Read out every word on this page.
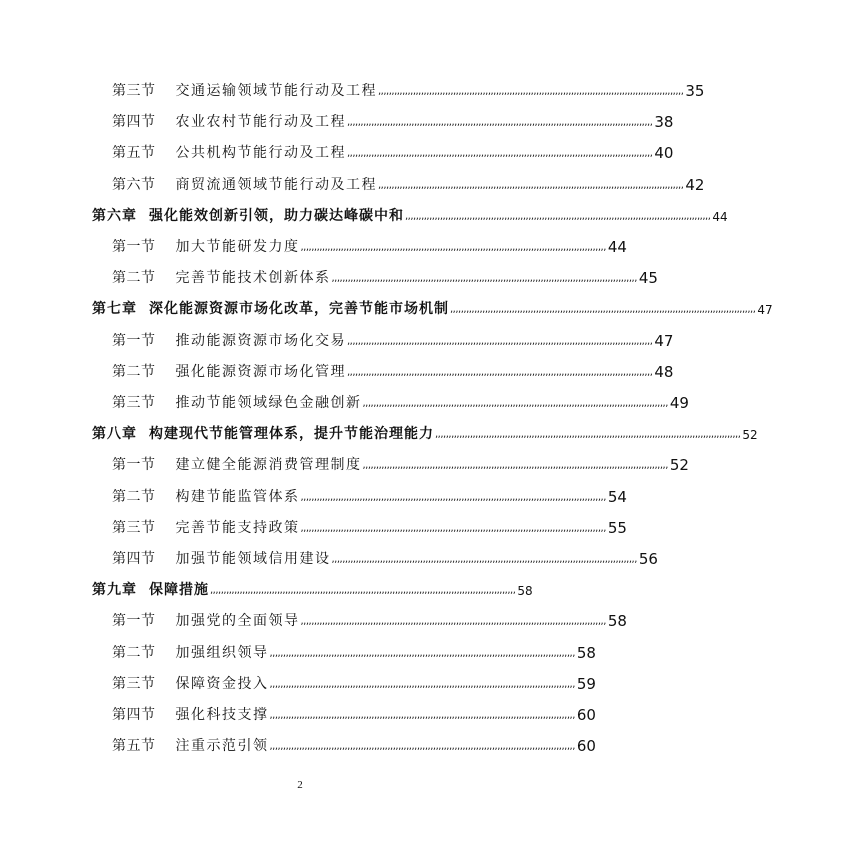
第三节 交通运输领域节能行动及工程 ,,,,,,,,,,,,,,,,,,,,,,,,,,,,,,,,,,,,,,,,,,,,,,,,,,,,,,,,,,,,,,,,,,,,,,,,,,,,,,,,,,,,,,,,,,,,,,,,,,,,,,,,,,,,,,,,,, 35
第四节 农业农村节能行动及工程 ,,,,,,,,,,,,,,,,,,,,,,,,,,,,,,,,,,,,,,,,,,,,,,,,,,,,,,,,,,,,,,,,,,,,,,,,,,,,,,,,,,,,,,,,,,,,,,,,,,,,,,,,,,,,,,,,,, 38
第五节 公共机构节能行动及工程 ,,,,,,,,,,,,,,,,,,,,,,,,,,,,,,,,,,,,,,,,,,,,,,,,,,,,,,,,,,,,,,,,,,,,,,,,,,,,,,,,,,,,,,,,,,,,,,,,,,,,,,,,,,,,,,,,,, 40
第六节 商贸流通领域节能行动及工程 ,,,,,,,,,,,,,,,,,,,,,,,,,,,,,,,,,,,,,,,,,,,,,,,,,,,,,,,,,,,,,,,,,,,,,,,,,,,,,,,,,,,,,,,,,,,,,,,,,,,,,,,,,,,,,,,,,, 42
第六章 强化能效创新引领，助力碳达峰碳中和 ,,,,,,,,,,,,,,,,,,,,,,,,,,,,,,,,,,,,,,,,,,,,,,,,,,,,,,,,,,,,,,,,,,,,,,,,,,,,,,,,,,,,,,,,,,,,,,,,,,,,,,,,,,,,,,,,,, 44
第一节 加大节能研发力度 ,,,,,,,,,,,,,,,,,,,,,,,,,,,,,,,,,,,,,,,,,,,,,,,,,,,,,,,,,,,,,,,,,,,,,,,,,,,,,,,,,,,,,,,,,,,,,,,,,,,,,,,,,,,,,,,,,, 44
第二节 完善节能技术创新体系 ,,,,,,,,,,,,,,,,,,,,,,,,,,,,,,,,,,,,,,,,,,,,,,,,,,,,,,,,,,,,,,,,,,,,,,,,,,,,,,,,,,,,,,,,,,,,,,,,,,,,,,,,,,,,,,,,,, 45
第七章 深化能源资源市场化改革，完善节能市场机制 ,,,,,,,,,,,,,,,,,,,,,,,,,,,,,,,,,,,,,,,,,,,,,,,,,,,,,,,,,,,,,,,,,,,,,,,,,,,,,,,,,,,,,,,,,,,,,,,,,,,,,,,,,,,,,,,,,, 47
第一节 推动能源资源市场化交易 ,,,,,,,,,,,,,,,,,,,,,,,,,,,,,,,,,,,,,,,,,,,,,,,,,,,,,,,,,,,,,,,,,,,,,,,,,,,,,,,,,,,,,,,,,,,,,,,,,,,,,,,,,,,,,,,,,, 47
第二节 强化能源资源市场化管理 ,,,,,,,,,,,,,,,,,,,,,,,,,,,,,,,,,,,,,,,,,,,,,,,,,,,,,,,,,,,,,,,,,,,,,,,,,,,,,,,,,,,,,,,,,,,,,,,,,,,,,,,,,,,,,,,,,, 48
第三节 推动节能领域绿色金融创新 ,,,,,,,,,,,,,,,,,,,,,,,,,,,,,,,,,,,,,,,,,,,,,,,,,,,,,,,,,,,,,,,,,,,,,,,,,,,,,,,,,,,,,,,,,,,,,,,,,,,,,,,,,,,,,,,,,, 49
第八章 构建现代节能管理体系，提升节能治理能力 ,,,,,,,,,,,,,,,,,,,,,,,,,,,,,,,,,,,,,,,,,,,,,,,,,,,,,,,,,,,,,,,,,,,,,,,,,,,,,,,,,,,,,,,,,,,,,,,,,,,,,,,,,,,,,,,,,, 52
第一节 建立健全能源消费管理制度 ,,,,,,,,,,,,,,,,,,,,,,,,,,,,,,,,,,,,,,,,,,,,,,,,,,,,,,,,,,,,,,,,,,,,,,,,,,,,,,,,,,,,,,,,,,,,,,,,,,,,,,,,,,,,,,,,,, 52
第二节 构建节能监管体系 ,,,,,,,,,,,,,,,,,,,,,,,,,,,,,,,,,,,,,,,,,,,,,,,,,,,,,,,,,,,,,,,,,,,,,,,,,,,,,,,,,,,,,,,,,,,,,,,,,,,,,,,,,,,,,,,,,, 54
第三节 完善节能支持政策 ,,,,,,,,,,,,,,,,,,,,,,,,,,,,,,,,,,,,,,,,,,,,,,,,,,,,,,,,,,,,,,,,,,,,,,,,,,,,,,,,,,,,,,,,,,,,,,,,,,,,,,,,,,,,,,,,,, 55
第四节 加强节能领域信用建设 ,,,,,,,,,,,,,,,,,,,,,,,,,,,,,,,,,,,,,,,,,,,,,,,,,,,,,,,,,,,,,,,,,,,,,,,,,,,,,,,,,,,,,,,,,,,,,,,,,,,,,,,,,,,,,,,,,, 56
第九章 保障措施 ,,,,,,,,,,,,,,,,,,,,,,,,,,,,,,,,,,,,,,,,,,,,,,,,,,,,,,,,,,,,,,,,,,,,,,,,,,,,,,,,,,,,,,,,,,,,,,,,,,,,,,,,,,,,,,,,,, 58
第一节 加强党的全面领导 ,,,,,,,,,,,,,,,,,,,,,,,,,,,,,,,,,,,,,,,,,,,,,,,,,,,,,,,,,,,,,,,,,,,,,,,,,,,,,,,,,,,,,,,,,,,,,,,,,,,,,,,,,,,,,,,,,, 58
第二节 加强组织领导 ,,,,,,,,,,,,,,,,,,,,,,,,,,,,,,,,,,,,,,,,,,,,,,,,,,,,,,,,,,,,,,,,,,,,,,,,,,,,,,,,,,,,,,,,,,,,,,,,,,,,,,,,,,,,,,,,,, 58
第三节 保障资金投入 ,,,,,,,,,,,,,,,,,,,,,,,,,,,,,,,,,,,,,,,,,,,,,,,,,,,,,,,,,,,,,,,,,,,,,,,,,,,,,,,,,,,,,,,,,,,,,,,,,,,,,,,,,,,,,,,,,, 59
第四节 强化科技支撑 ,,,,,,,,,,,,,,,,,,,,,,,,,,,,,,,,,,,,,,,,,,,,,,,,,,,,,,,,,,,,,,,,,,,,,,,,,,,,,,,,,,,,,,,,,,,,,,,,,,,,,,,,,,,,,,,,,, 60
第五节 注重示范引领 ,,,,,,,,,,,,,,,,,,,,,,,,,,,,,,,,,,,,,,,,,,,,,,,,,,,,,,,,,,,,,,,,,,,,,,,,,,,,,,,,,,,,,,,,,,,,,,,,,,,,,,,,,,,,,,,,,, 60
2
